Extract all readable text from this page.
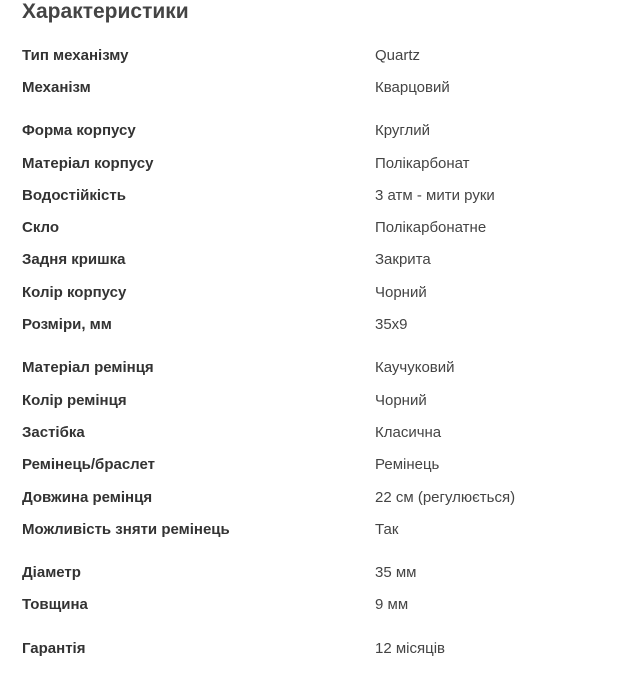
Характеристики
Тип механізму	Quartz
Механізм	Кварцовий
Форма корпусу	Круглий
Матеріал корпусу	Полікарбонат
Водостійкість	3 атм - мити руки
Скло	Полікарбонатне
Задня кришка	Закрита
Колір корпусу	Чорний
Розміри, мм	35x9
Матеріал ремінця	Каучуковий
Колір ремінця	Чорний
Застібка	Класична
Ремінець/браслет	Ремінець
Довжина ремінця	22 см (регулюється)
Можливість зняти ремінець	Так
Діаметр	35 мм
Товщина	9 мм
Гарантія	12 місяців
